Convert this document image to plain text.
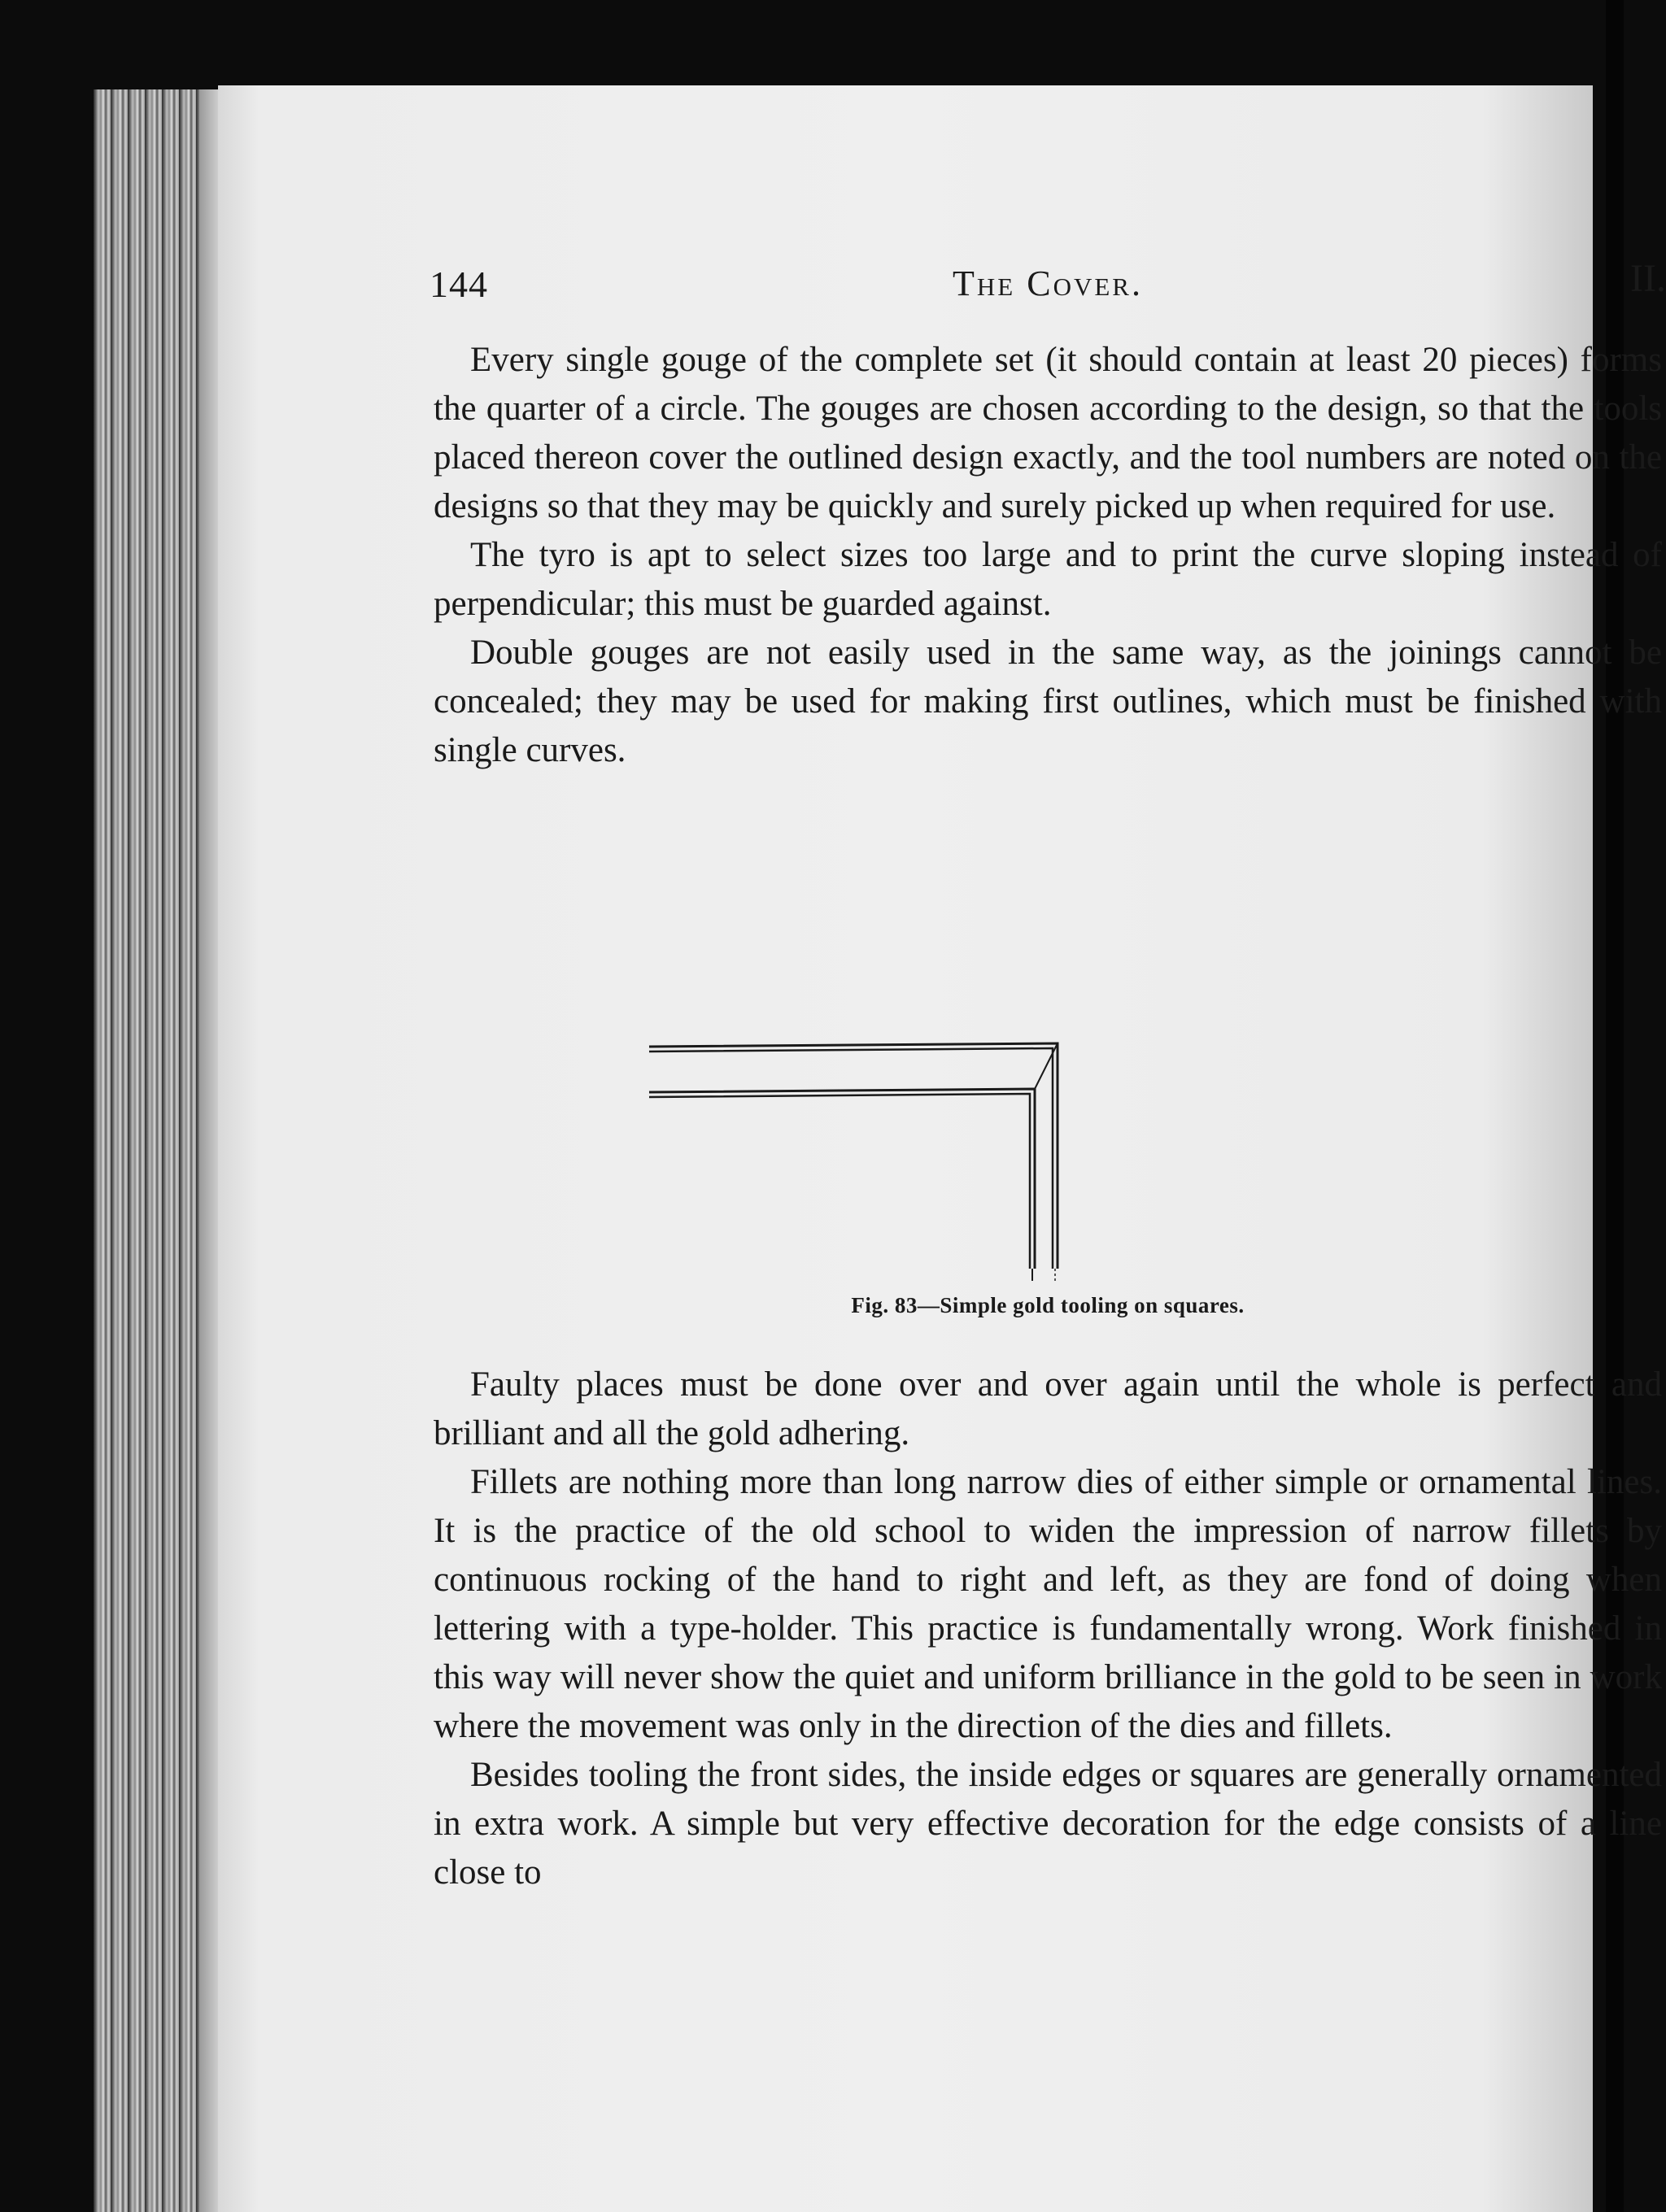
144	The Cover.	II.

Every single gouge of the complete set (it should contain at least 20 pieces) forms the quarter of a circle. The gouges are chosen according to the design, so that the tools placed thereon cover the outlined design exactly, and the tool numbers are noted on the designs so that they may be quickly and surely picked up when required for use.

The tyro is apt to select sizes too large and to print the curve sloping instead of perpendicular; this must be guarded against.

Double gouges are not easily used in the same way, as the joinings cannot be concealed; they may be used for making first outlines, which must be finished with single curves.

Fig. 83—Simple gold tooling on squares.

Faulty places must be done over and over again until the whole is perfect and brilliant and all the gold adhering.

Fillets are nothing more than long narrow dies of either simple or ornamental lines. It is the practice of the old school to widen the impression of narrow fillets by continuous rocking of the hand to right and left, as they are fond of doing when lettering with a type-holder. This practice is fundamentally wrong. Work finished in this way will never show the quiet and uniform brilliance in the gold to be seen in work where the movement was only in the direction of the dies and fillets.

Besides tooling the front sides, the inside edges or squares are generally ornamented in extra work. A simple but very effective decoration for the edge consists of a line close to
